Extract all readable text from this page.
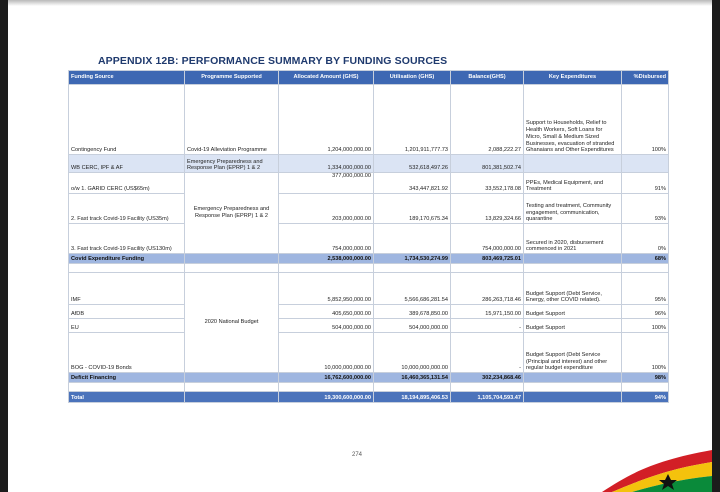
APPENDIX 12B: PERFORMANCE SUMMARY BY FUNDING SOURCES
Funding Source	Programme Supported	Allocated Amount (GHS)	Utilisation (GHS)	Balance(GHS)	Key Expenditures	%Disbursed
Contingency Fund	Covid-19 Alleviation Programme	1,204,000,000.00	1,201,911,777.73	2,088,222.27	Support to Households, Relief to Health Workers, Soft Loans for Micro, Small & Medium Sized Businesses, evacuation of stranded Ghanaians and Other Expenditures	100%
WB CERC, IPF & AF	Emergency Preparedness and Response Plan (EPRP) 1 & 2	1,334,000,000.00	532,618,497.26	801,381,502.74		
o/w 1. GARID CERC (US$65m)	Emergency Preparedness and Response Plan (EPRP) 1 & 2	377,000,000.00	343,447,821.92	33,552,178.08	PPEs, Medical Equipment, and Treatment	91%
2. Fast track Covid-19 Facility (US35m)		203,000,000.00	189,170,675.34	13,829,324.66	Testing and treatment, Community engagement, communication, quarantine	93%
3. Fast track Covid-19 Facility (US130m)		754,000,000.00		754,000,000.00	Secured in 2020, disbursement commenced in 2021	0%
Covid Expenditure Funding		2,538,000,000.00	1,734,530,274.99	803,469,725.01		68%

IMF	2020 National Budget	5,852,950,000.00	5,566,686,281.54	286,263,718.46	Budget Support (Debt Service, Energy, other COVID related).	95%
AfDB		405,650,000.00	389,678,850.00	15,971,150.00	Budget Support	96%
EU		504,000,000.00	504,000,000.00	-	Budget Support	100%
BOG - COVID-19 Bonds		10,000,000,000.00	10,000,000,000.00	-	Budget Support (Debt Service (Principal and interest) and other regular budget expenditure	100%
Deficit Financing		16,762,600,000.00	16,460,365,131.54	302,234,868.46		98%

Total		19,300,600,000.00	18,194,895,406.53	1,105,704,593.47		94%
274
